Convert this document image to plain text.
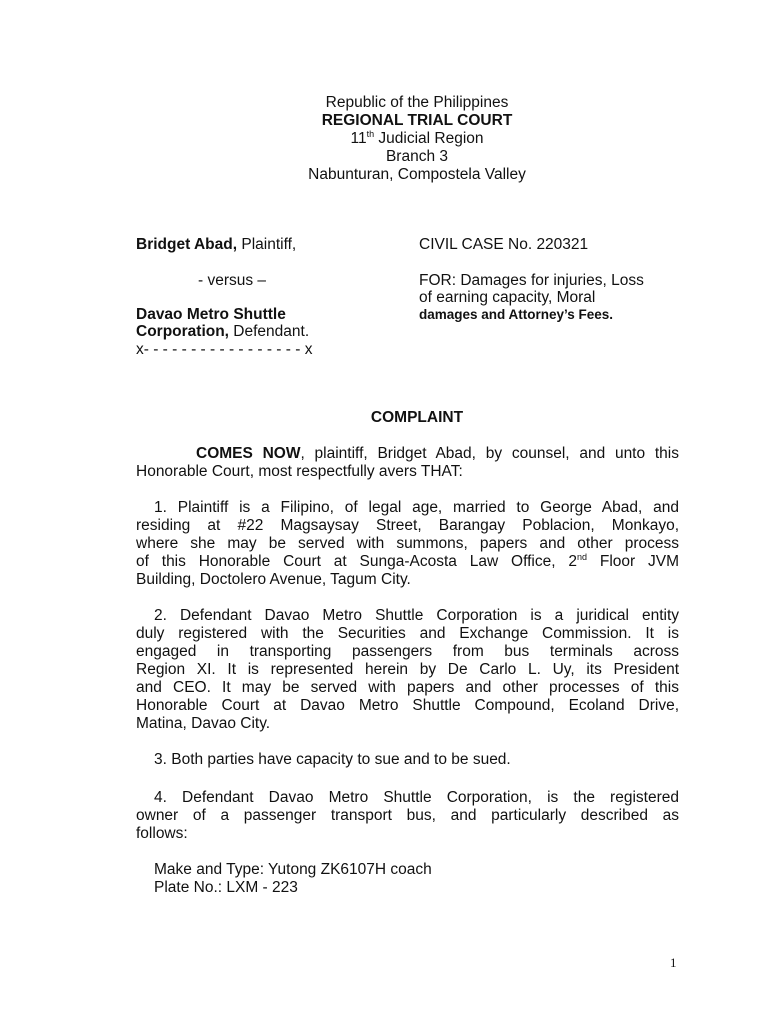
Republic of the Philippines
REGIONAL TRIAL COURT
11th Judicial Region
Branch 3
Nabunturan, Compostela Valley
Bridget Abad, Plaintiff,
- versus –
Davao Metro Shuttle
Corporation, Defendant.
x- - - - - - - - - - - - - - - - - x
CIVIL CASE No. 220321
FOR: Damages for injuries, Loss
of earning capacity, Moral
damages and Attorney’s Fees.
COMPLAINT
COMES NOW, plaintiff, Bridget Abad, by counsel, and unto this
Honorable Court, most respectfully avers THAT:
1. Plaintiff is a Filipino, of legal age, married to George Abad, and
residing at #22 Magsaysay Street, Barangay Poblacion, Monkayo,
where she may be served with summons, papers and other process
of this Honorable Court at Sunga-Acosta Law Office, 2nd Floor JVM
Building, Doctolero Avenue, Tagum City.
2. Defendant Davao Metro Shuttle Corporation is a juridical entity
duly registered with the Securities and Exchange Commission. It is
engaged in transporting passengers from bus terminals across
Region XI. It is represented herein by De Carlo L. Uy, its President
and CEO. It may be served with papers and other processes of this
Honorable Court at Davao Metro Shuttle Compound, Ecoland Drive,
Matina, Davao City.
3. Both parties have capacity to sue and to be sued.
4. Defendant Davao Metro Shuttle Corporation, is the registered
owner of a passenger transport bus, and particularly described as
follows:
Make and Type: Yutong ZK6107H coach
Plate No.: LXM - 223
1
